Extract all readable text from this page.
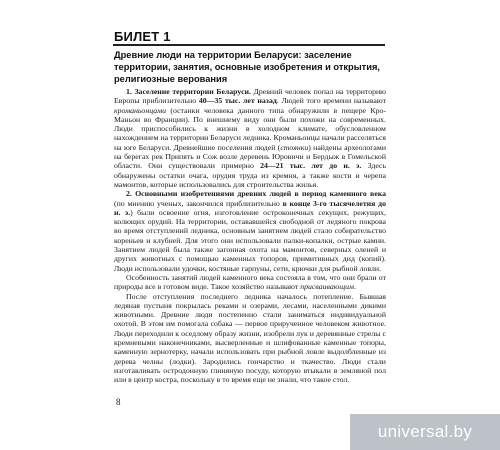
БИЛЕТ 1
Древние люди на территории Беларуси: заселение территории, занятия, основные изобретения и открытия, религиозные верования

1. Заселение территории Беларуси. Древний человек попал на территорию Европы приблизительно 40—35 тыс. лет назад. Людей того времени называют кроманьонцами (останки человека данного типа обнаружили в пещере Кро-Маньон во Франции). По внешнему виду они были похожи на современных. Люди приспособились к жизни в холодном климате, обусловленном нахождением на территории Беларуси ледника. Кроманьонцы начали расселяться на юге Беларуси. Древнейшие поселения людей (стоянки) найдены археологами на берегах рек Припять и Сож возле деревень Юровичи и Бердыж в Гомельской области. Они существовали примерно 24—21 тыс. лет до н. э. Здесь обнаружены остатки очага, орудия труда из кремня, а также кости и черепа мамонтов, которые использовались для строительства жилья.

2. Основными изобретениями древних людей в период каменного века (по мнению ученых, закончился приблизительно в конце 3-го тысячелетия до н. э.) были освоение огня, изготовление остроконечных секущих, режущих, колющих орудий. На территории, остававшейся свободной от ледяного покрова во время отступлений ледника, основным занятием людей стало собирательство кореньев и клубней. Для этого они использовали палки-копалки, острые камни. Занятием людей была также загонная охота на мамонтов, северных оленей и других животных с помощью каменных топоров, примитивных дид (копий). Люди использовали удочки, костяные гарпуны, сети, крючки для рыбной ловли.

Особенность занятий людей каменного века состояла в том, что они брали от природы все в готовом виде. Такое хозяйство называют присваивающим.

После отступления последнего ледника началось потепление. Бывшая ледяная пустыня покрылась реками и озерами, лесами, населенными дикими животными. Древние люди постепенно стали заниматься индивидуальной охотой. В этом им помогала собака — первое прирученное человеком животное. Люди переходили к оседлому образу жизни, изобрели лук и деревянные стрелы с кремневыми наконечниками, высверленные и шлифованные каменные топоры, каменную зернотерку, начали использовать при рыбной ловле выдолбленные из дерева челны (лодки). Зародились гончарство и ткачество. Люди стали изготавливать остродонную глиняную посуду, которую втыкали в земляной пол или в центр костра, поскольку в то время еще не знали, что такое стол.

8
universal.by
